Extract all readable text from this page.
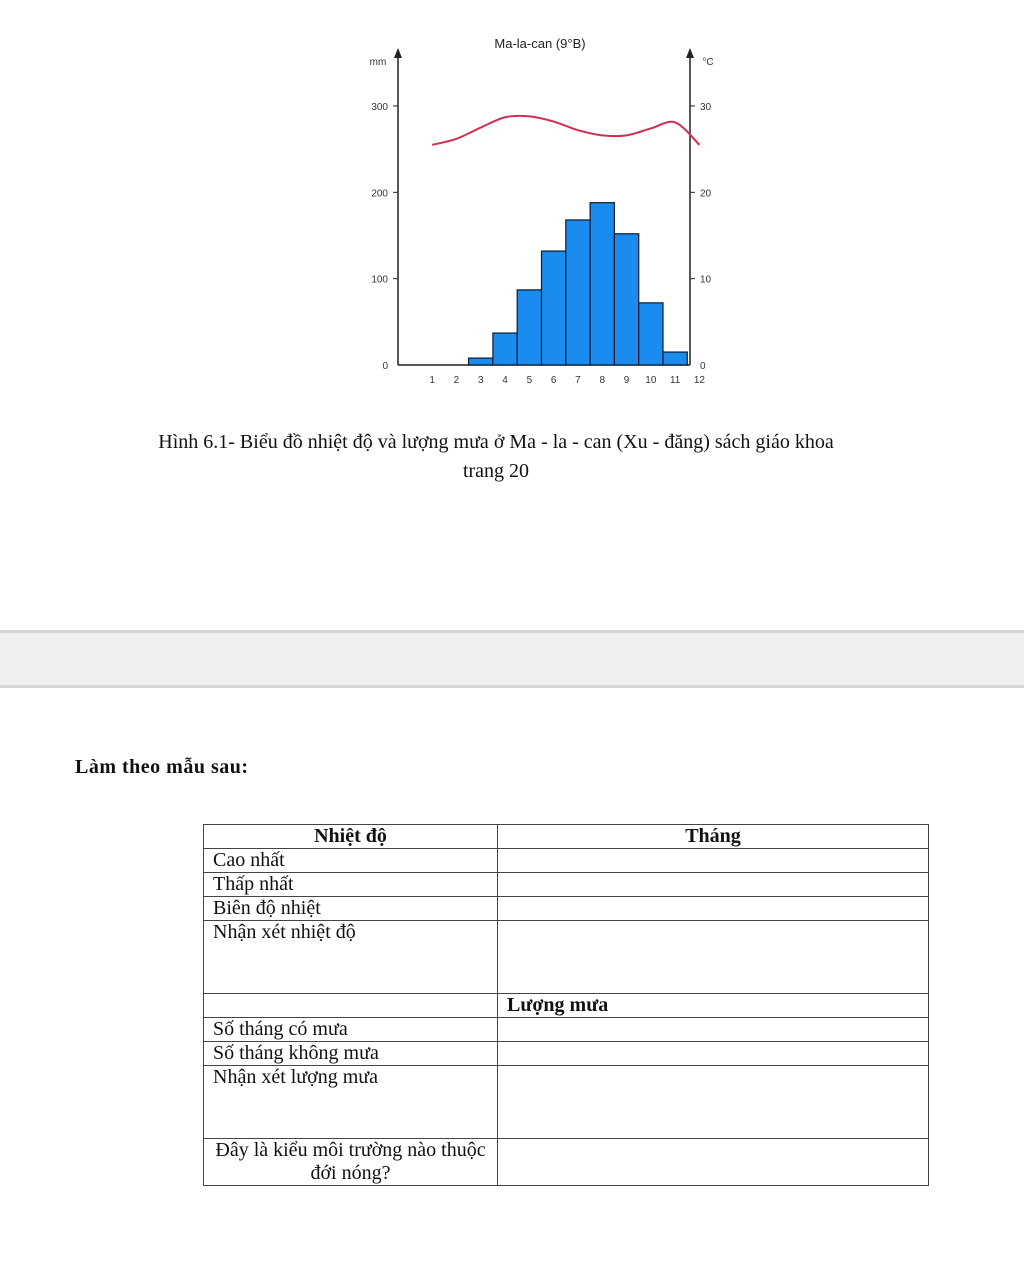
Ma-la-can (9°B)
mm	°C
0
100
200
300
0
10
20
30
1 2 3 4 5 6 7 8 9 10 11 12
Hình 6.1- Biểu đồ nhiệt độ và lượng mưa ở Ma - la - can (Xu - đăng) sách giáo khoa
trang 20
Làm theo mẫu sau:
Nhiệt độ	Tháng
Cao nhất	
Thấp nhất	
Biên độ nhiệt	
Nhận xét nhiệt độ	
	Lượng mưa
Số tháng có mưa	
Số tháng không mưa	
Nhận xét lượng mưa	
Đây là kiểu môi trường nào thuộc đới nóng?	
